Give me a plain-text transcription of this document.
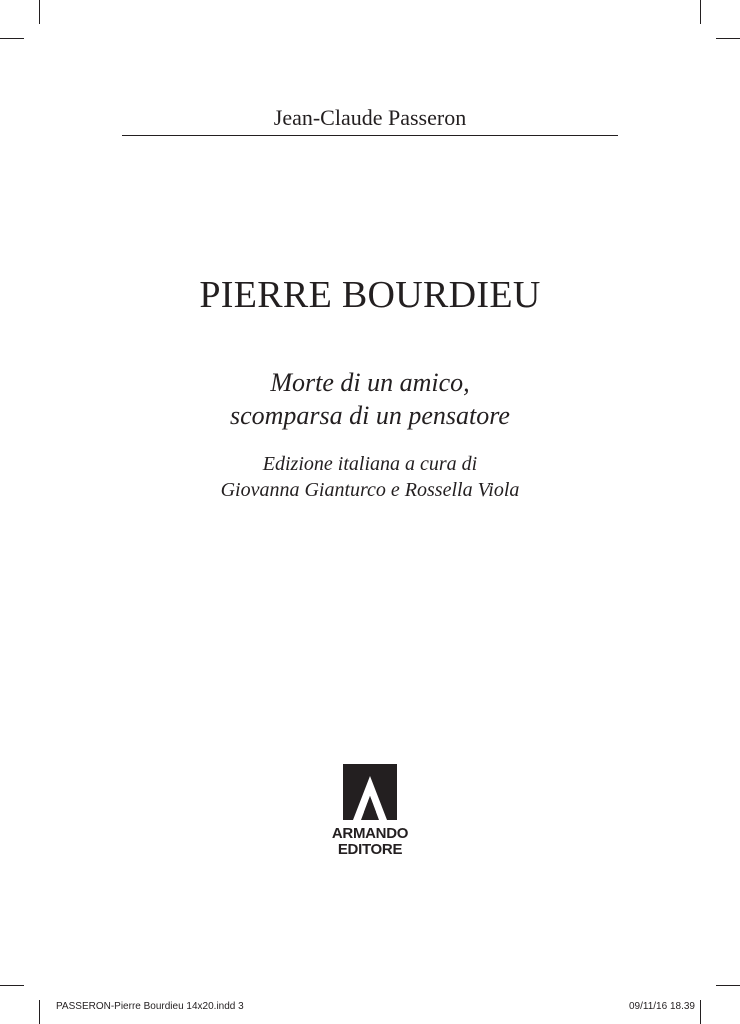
Jean-Claude Passeron
PIERRE BOURDIEU
Morte di un amico,
scomparsa di un pensatore
Edizione italiana a cura di
Giovanna Gianturco e Rossella Viola
ARMANDO
EDITORE
PASSERON-Pierre Bourdieu 14x20.indd 3	09/11/16 18.39
